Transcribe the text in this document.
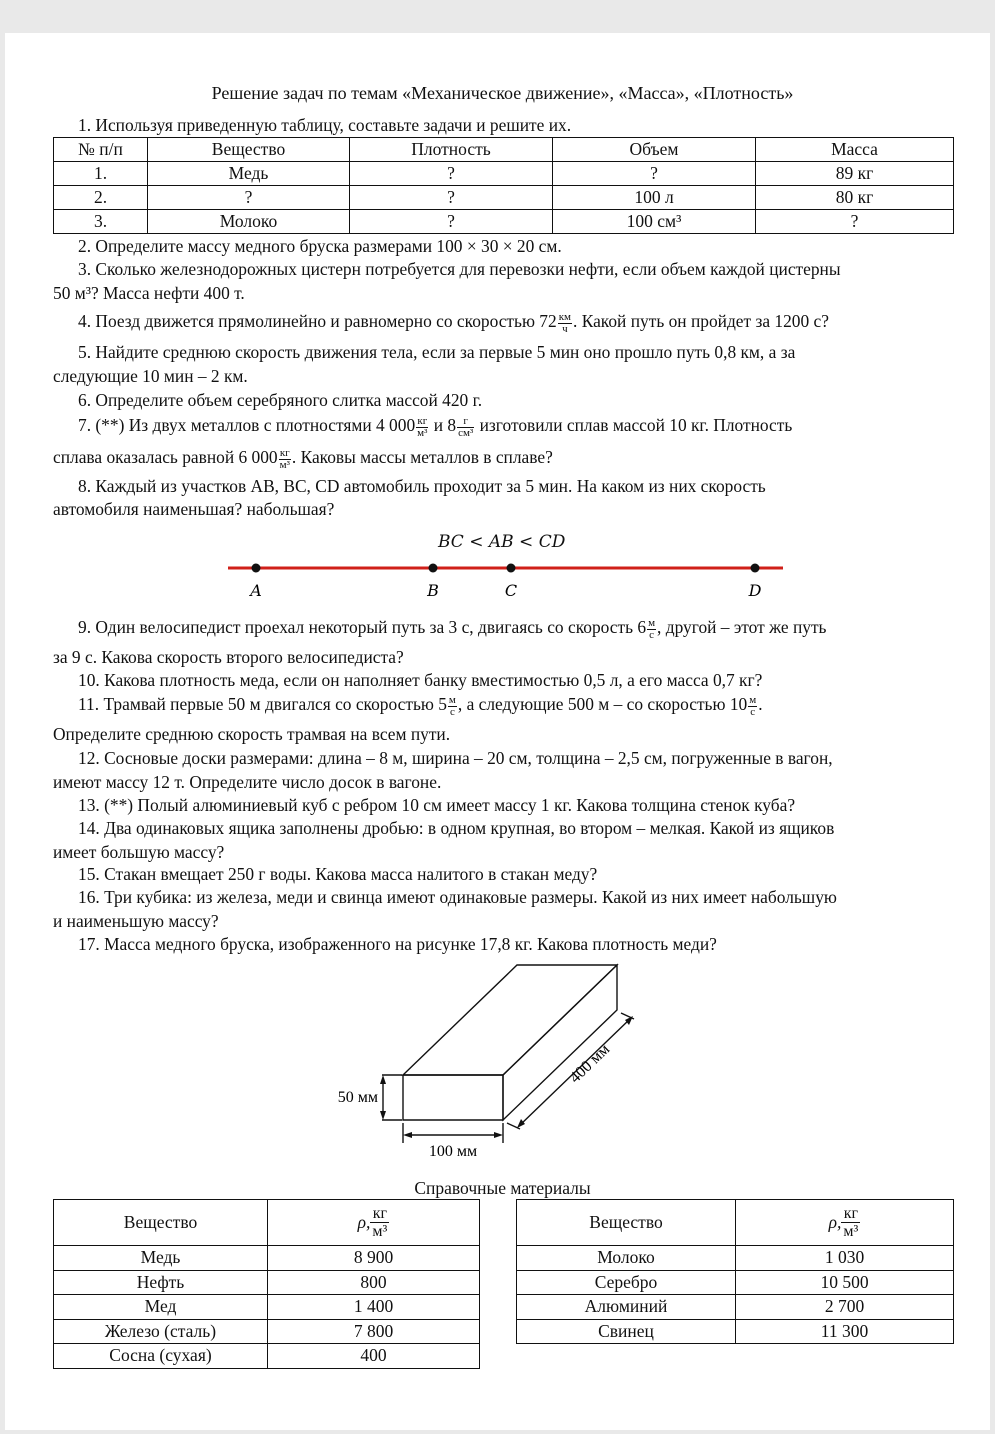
Решение задач по темам «Механическое движение», «Масса», «Плотность»
1. Используя приведенную таблицу, составьте задачи и решите их.
№ п/п	Вещество	Плотность	Объем	Масса
1.	Медь	?	?	89 кг
2.	?	?	100 л	80 кг
3.	Молоко	?	100 см³	?
2. Определите массу медного бруска размерами 100 × 30 × 20 см.
3. Сколько железнодорожных цистерн потребуется для перевозки нефти, если объем каждой цистерны
50 м³? Масса нефти 400 т.
4. Поезд движется прямолинейно и равномерно со скоростью $72 \frac{км}{ч}$ . Какой путь он пройдет за 1200 с?
5. Найдите среднюю скорость движения тела, если за первые 5 мин оно прошло путь 0,8 км, а за
следующие 10 мин – 2 км.
6. Определите объем серебряного слитка массой 420 г.
7. (**) Из двух металлов с плотностями 4 $000 \frac{кг}{\text{м³}}$ и $8 \frac{г}{\text{см³}}$ изготовили сплав массой 10 кг. Плотность
сплава оказалась равной 6 $000 \frac{кг}{\text{м³}}$ . Каковы массы металлов в сплаве?
8. Каждый из участков AB, BC, CD автомобиль проходит за 5 мин. На каком из них скорость
автомобиля наименьшая? набольшая?
BC < AB < CD
A	B	C	D
9. Один велосипедист проехал некоторый путь за 3 с, двигаясь со скорость $6 \frac{м}{с}$ , другой – этот же путь
за 9 с. Какова скорость второго велосипедиста?
10. Какова плотность меда, если он наполняет банку вместимостью 0,5 л, а его масса 0,7 кг?
11. Трамвай первые 50 м двигался со скоростью $5 \frac{м}{с}$ , а следующие 500 м – со скоростью $10 \frac{м}{с}$ .
Определите среднюю скорость трамвая на всем пути.
12. Сосновые доски размерами: длина – 8 м, ширина – 20 см, толщина – 2,5 см, погруженные в вагон,
имеют массу 12 т. Определите число досок в вагоне.
13. (**) Полый алюминиевый куб с ребром 10 см имеет массу 1 кг. Какова толщина стенок куба?
14. Два одинаковых ящика заполнены дробью: в одном крупная, во втором – мелкая. Какой из ящиков
имеет большую массу?
15. Стакан вмещает 250 г воды. Какова масса налитого в стакан меду?
16. Три кубика: из железа, меди и свинца имеют одинаковые размеры. Какой из них имеет набольшую
и наименьшую массу?
17. Масса медного бруска, изображенного на рисунке 17,8 кг. Какова плотность меди?
50 мм
100 мм
400 мм
Справочные материалы
Вещество	ρ, кг
м³

Медь	8 900
Нефть	800
Мед	1 400
Железо (сталь)	7 800
Сосна (сухая)	400
Вещество	ρ, кг
м³

Молоко	1 030
Серебро	10 500
Алюминий	2 700
Свинец	11 300
